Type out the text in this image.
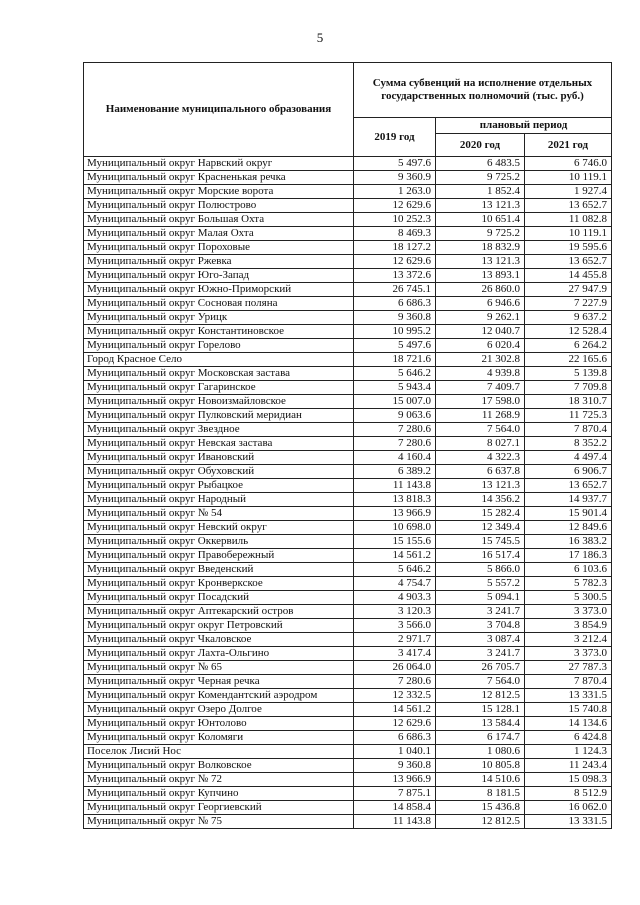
5
Наименование муниципального образования	Сумма субвенций на исполнение отдельных государственных полномочий (тыс. руб.)		
	2019 год	плановый период	
		2020 год	2021 год
Муниципальный округ Нарвский округ	5 497.6	6 483.5	6 746.0
Муниципальный округ Красненькая речка	9 360.9	9 725.2	10 119.1
Муниципальный округ Морские ворота	1 263.0	1 852.4	1 927.4
Муниципальный округ Полюстрово	12 629.6	13 121.3	13 652.7
Муниципальный округ Большая Охта	10 252.3	10 651.4	11 082.8
Муниципальный округ Малая Охта	8 469.3	9 725.2	10 119.1
Муниципальный округ Пороховые	18 127.2	18 832.9	19 595.6
Муниципальный округ Ржевка	12 629.6	13 121.3	13 652.7
Муниципальный округ Юго-Запад	13 372.6	13 893.1	14 455.8
Муниципальный округ Южно-Приморский	26 745.1	26 860.0	27 947.9
Муниципальный округ Сосновая поляна	6 686.3	6 946.6	7 227.9
Муниципальный округ Урицк	9 360.8	9 262.1	9 637.2
Муниципальный округ Константиновское	10 995.2	12 040.7	12 528.4
Муниципальный округ Горелово	5 497.6	6 020.4	6 264.2
Город Красное Село	18 721.6	21 302.8	22 165.6
Муниципальный округ Московская застава	5 646.2	4 939.8	5 139.8
Муниципальный округ Гагаринское	5 943.4	7 409.7	7 709.8
Муниципальный округ Новоизмайловское	15 007.0	17 598.0	18 310.7
Муниципальный округ Пулковский меридиан	9 063.6	11 268.9	11 725.3
Муниципальный округ Звездное	7 280.6	7 564.0	7 870.4
Муниципальный округ Невская застава	7 280.6	8 027.1	8 352.2
Муниципальный округ Ивановский	4 160.4	4 322.3	4 497.4
Муниципальный округ Обуховский	6 389.2	6 637.8	6 906.7
Муниципальный округ Рыбацкое	11 143.8	13 121.3	13 652.7
Муниципальный округ Народный	13 818.3	14 356.2	14 937.7
Муниципальный округ № 54	13 966.9	15 282.4	15 901.4
Муниципальный округ Невский округ	10 698.0	12 349.4	12 849.6
Муниципальный округ Оккервиль	15 155.6	15 745.5	16 383.2
Муниципальный округ Правобережный	14 561.2	16 517.4	17 186.3
Муниципальный округ Введенский	5 646.2	5 866.0	6 103.6
Муниципальный округ Кронверкское	4 754.7	5 557.2	5 782.3
Муниципальный округ Посадский	4 903.3	5 094.1	5 300.5
Муниципальный округ Аптекарский остров	3 120.3	3 241.7	3 373.0
Муниципальный округ округ Петровский	3 566.0	3 704.8	3 854.9
Муниципальный округ Чкаловское	2 971.7	3 087.4	3 212.4
Муниципальный округ Лахта-Ольгино	3 417.4	3 241.7	3 373.0
Муниципальный округ № 65	26 064.0	26 705.7	27 787.3
Муниципальный округ Черная речка	7 280.6	7 564.0	7 870.4
Муниципальный округ Комендантский аэродром	12 332.5	12 812.5	13 331.5
Муниципальный округ Озеро Долгое	14 561.2	15 128.1	15 740.8
Муниципальный округ Юнтолово	12 629.6	13 584.4	14 134.6
Муниципальный округ Коломяги	6 686.3	6 174.7	6 424.8
Поселок Лисий Нос	1 040.1	1 080.6	1 124.3
Муниципальный округ Волковское	9 360.8	10 805.8	11 243.4
Муниципальный округ № 72	13 966.9	14 510.6	15 098.3
Муниципальный округ Купчино	7 875.1	8 181.5	8 512.9
Муниципальный округ Георгиевский	14 858.4	15 436.8	16 062.0
Муниципальный округ № 75	11 143.8	12 812.5	13 331.5
